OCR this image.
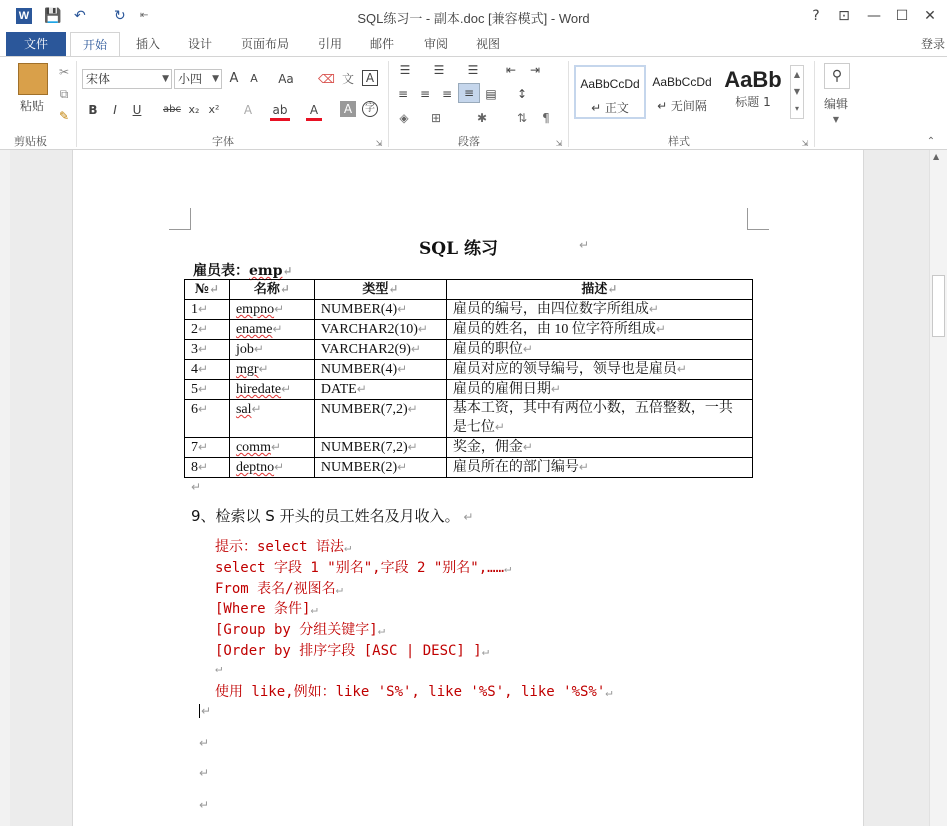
W 💾 ↶ ↻ ⇤	SQL练习一 - 副本.doc [兼容模式] - Word	?	⊡ — ☐ ✕
文件	开始	插入	设计	页面布局	引用	邮件	审阅	视图	登录
粘贴
✂
⧉
✎
剪贴板
宋体	▼ 小四 ▼ A	A	Aa	⌫ 文 A
B	I	U abc x₂ x²	A	ab	A	A	字
字体	⇲
☰	☰	☰	⇤	⇥
≡ ≡ ≡ ≡ ▤	↕
◈	⊞	✱	⇅	¶
段落	⇲
AaBbCcDd
↵ 正文
AaBbCcDd
↵ 无间隔
AaBb
标题 1
▲
▼
▾
样式	⇲
⚲
编辑
▼
⌃
SQL 练习	↵
雇员表：emp↵
№↵	名称↵	类型↵	描述↵
1↵	empno↵	NUMBER(4)↵	雇员的编号，由四位数字所组成↵
2↵	ename↵	VARCHAR2(10)↵	雇员的姓名，由 10 位字符所组成↵
3↵	job↵	VARCHAR2(9)↵	雇员的职位↵
4↵	mgr↵	NUMBER(4)↵	雇员对应的领导编号，领导也是雇员↵
5↵	hiredate↵	DATE↵	雇员的雇佣日期↵
6↵	sal↵	NUMBER(7,2)↵	基本工资，其中有两位小数，五倍整数，一共是七位↵
7↵	comm↵	NUMBER(7,2)↵	奖金，佣金↵
8↵	deptno↵	NUMBER(2)↵	雇员所在的部门编号↵
↵
9、检索以 S 开头的员工姓名及月收入。 ↵
提示：select 语法↵
select 字段 1 "别名",字段 2 "别名",……↵
From 表名/视图名↵
[Where 条件]↵
[Group by 分组关键字]↵
[Order by 排序字段 [ASC | DESC] ]↵
↵
使用 like,例如：like 'S%', like '%S', like '%S%'↵
↵
↵
↵
↵
▲
